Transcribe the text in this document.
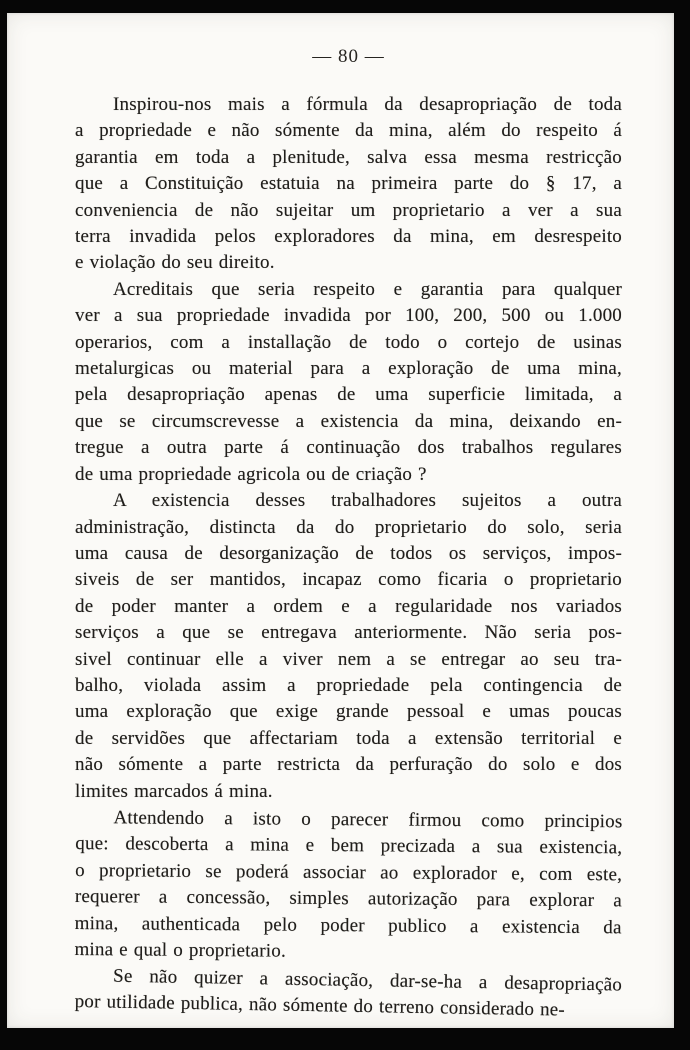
— 80 —
Inspirou-nos mais a fórmula da desapropriação de toda
a propriedade e não sómente da mina, além do respeito á
garantia em toda a plenitude, salva essa mesma restricção
que a Constituição estatuia na primeira parte do § 17, a
conveniencia de não sujeitar um proprietario a ver a sua
terra invadida pelos exploradores da mina, em desrespeito
e violação do seu direito.
Acreditais que seria respeito e garantia para qualquer
ver a sua propriedade invadida por 100, 200, 500 ou 1.000
operarios, com a installação de todo o cortejo de usinas
metalurgicas ou material para a exploração de uma mina,
pela desapropriação apenas de uma superficie limitada, a
que se circumscrevesse a existencia da mina, deixando en-
tregue a outra parte á continuação dos trabalhos regulares
de uma propriedade agricola ou de criação ?
A existencia desses trabalhadores sujeitos a outra
administração, distincta da do proprietario do solo, seria
uma causa de desorganização de todos os serviços, impos-
siveis de ser mantidos, incapaz como ficaria o proprietario
de poder manter a ordem e a regularidade nos variados
serviços a que se entregava anteriormente. Não seria pos-
sivel continuar elle a viver nem a se entregar ao seu tra-
balho, violada assim a propriedade pela contingencia de
uma exploração que exige grande pessoal e umas poucas
de servidões que affectariam toda a extensão territorial e
não sómente a parte restricta da perfuração do solo e dos
limites marcados á mina.
Attendendo a isto o parecer firmou como principios
que: descoberta a mina e bem precizada a sua existencia,
o proprietario se poderá associar ao explorador e, com este,
requerer a concessão, simples autorização para explorar a
mina, authenticada pelo poder publico a existencia da
mina e qual o proprietario.
Se não quizer a associação, dar-se-ha a desapropriação
por utilidade publica, não sómente do terreno considerado ne-
